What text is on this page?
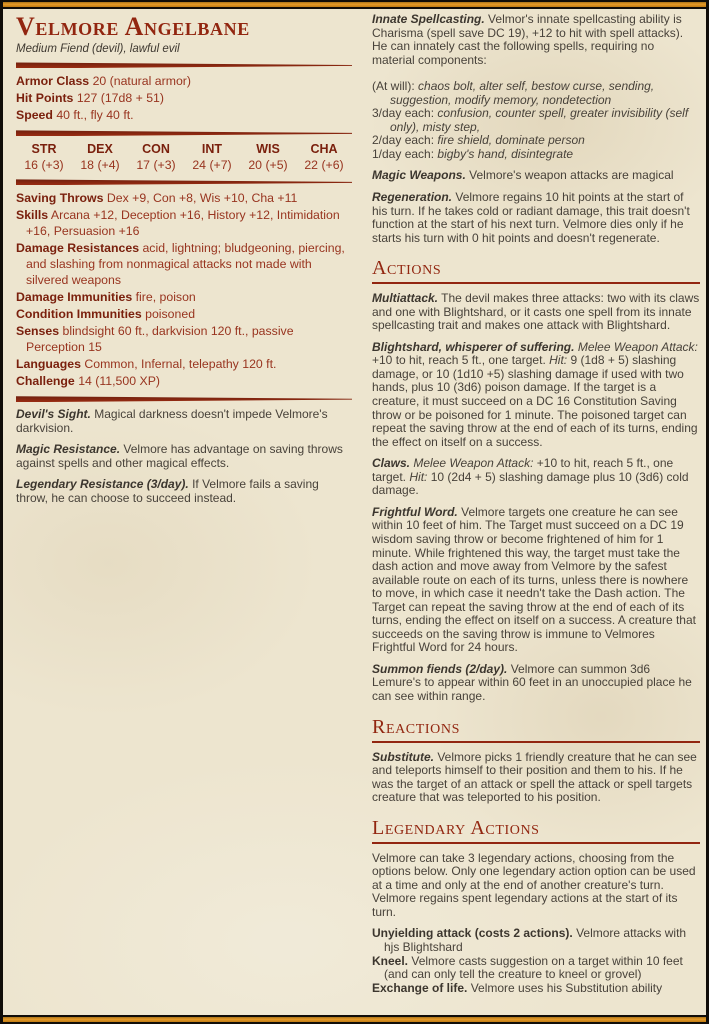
Velmore Angelbane
Medium Fiend (devil), lawful evil
Armor Class 20 (natural armor)
Hit Points 127 (17d8 + 51)
Speed 40 ft., fly 40 ft.
STR
16 (+3)
DEX
18 (+4)
CON
17 (+3)
INT
24 (+7)
WIS
20 (+5)
CHA
22 (+6)
Saving Throws Dex +9, Con +8, Wis +10, Cha +11
Skills Arcana +12, Deception +16, History +12, Intimidation +16, Persuasion +16
Damage Resistances acid, lightning; bludgeoning, piercing, and slashing from nonmagical attacks not made with silvered weapons
Damage Immunities fire, poison
Condition Immunities poisoned
Senses blindsight 60 ft., darkvision 120 ft., passive Perception 15
Languages Common, Infernal, telepathy 120 ft.
Challenge 14 (11,500 XP)

Devil's Sight. Magical darkness doesn't impede Velmore's darkvision.

Magic Resistance. Velmore has advantage on saving throws against spells and other magical effects.

Legendary Resistance (3/day). If Velmore fails a saving throw, he can choose to succeed instead.

Innate Spellcasting. Velmor's innate spellcasting ability is Charisma (spell save DC 19), +12 to hit with spell attacks). He can innately cast the following spells, requiring no material components:

(At will): chaos bolt, alter self, bestow curse, sending, suggestion, modify memory, nondetection
3/day each: confusion, counter spell, greater invisibility (self only), misty step,
2/day each: fire shield, dominate person
1/day each: bigby's hand, disintegrate

Magic Weapons. Velmore's weapon attacks are magical

Regeneration. Velmore regains 10 hit points at the start of his turn. If he takes cold or radiant damage, this trait doesn't function at the start of his next turn. Velmore dies only if he starts his turn with 0 hit points and doesn't regenerate.

Actions

Multiattack. The devil makes three attacks: two with its claws and one with Blightshard, or it casts one spell from its innate spellcasting trait and makes one attack with Blightshard.

Blightshard, whisperer of suffering. Melee Weapon Attack: +10 to hit, reach 5 ft., one target. Hit: 9 (1d8 + 5) slashing damage, or 10 (1d10 +5) slashing damage if used with two hands, plus 10 (3d6) poison damage. If the target is a creature, it must succeed on a DC 16 Constitution Saving throw or be poisoned for 1 minute. The poisoned target can repeat the saving throw at the end of each of its turns, ending the effect on itself on a success.

Claws. Melee Weapon Attack: +10 to hit, reach 5 ft., one target. Hit: 10 (2d4 + 5) slashing damage plus 10 (3d6) cold damage.

Frightful Word. Velmore targets one creature he can see within 10 feet of him. The Target must succeed on a DC 19 wisdom saving throw or become frightened of him for 1 minute. While frightened this way, the target must take the dash action and move away from Velmore by the safest available route on each of its turns, unless there is nowhere to move, in which case it needn't take the Dash action. The Target can repeat the saving throw at the end of each of its turns, ending the effect on itself on a success. A creature that succeeds on the saving throw is immune to Velmores Frightful Word for 24 hours.

Summon fiends (2/day). Velmore can summon 3d6 Lemure's to appear within 60 feet in an unoccupied place he can see within range.

Reactions

Substitute. Velmore picks 1 friendly creature that he can see and teleports himself to their position and them to his. If he was the target of an attack or spell the attack or spell targets creature that was teleported to his position.

Legendary Actions

Velmore can take 3 legendary actions, choosing from the options below. Only one legendary action option can be used at a time and only at the end of another creature's turn. Velmore regains spent legendary actions at the start of its turn.

Unyielding attack (costs 2 actions). Velmore attacks with hjs Blightshard
Kneel. Velmore casts suggestion on a target within 10 feet (and can only tell the creature to kneel or grovel)
Exchange of life. Velmore uses his Substitution ability
